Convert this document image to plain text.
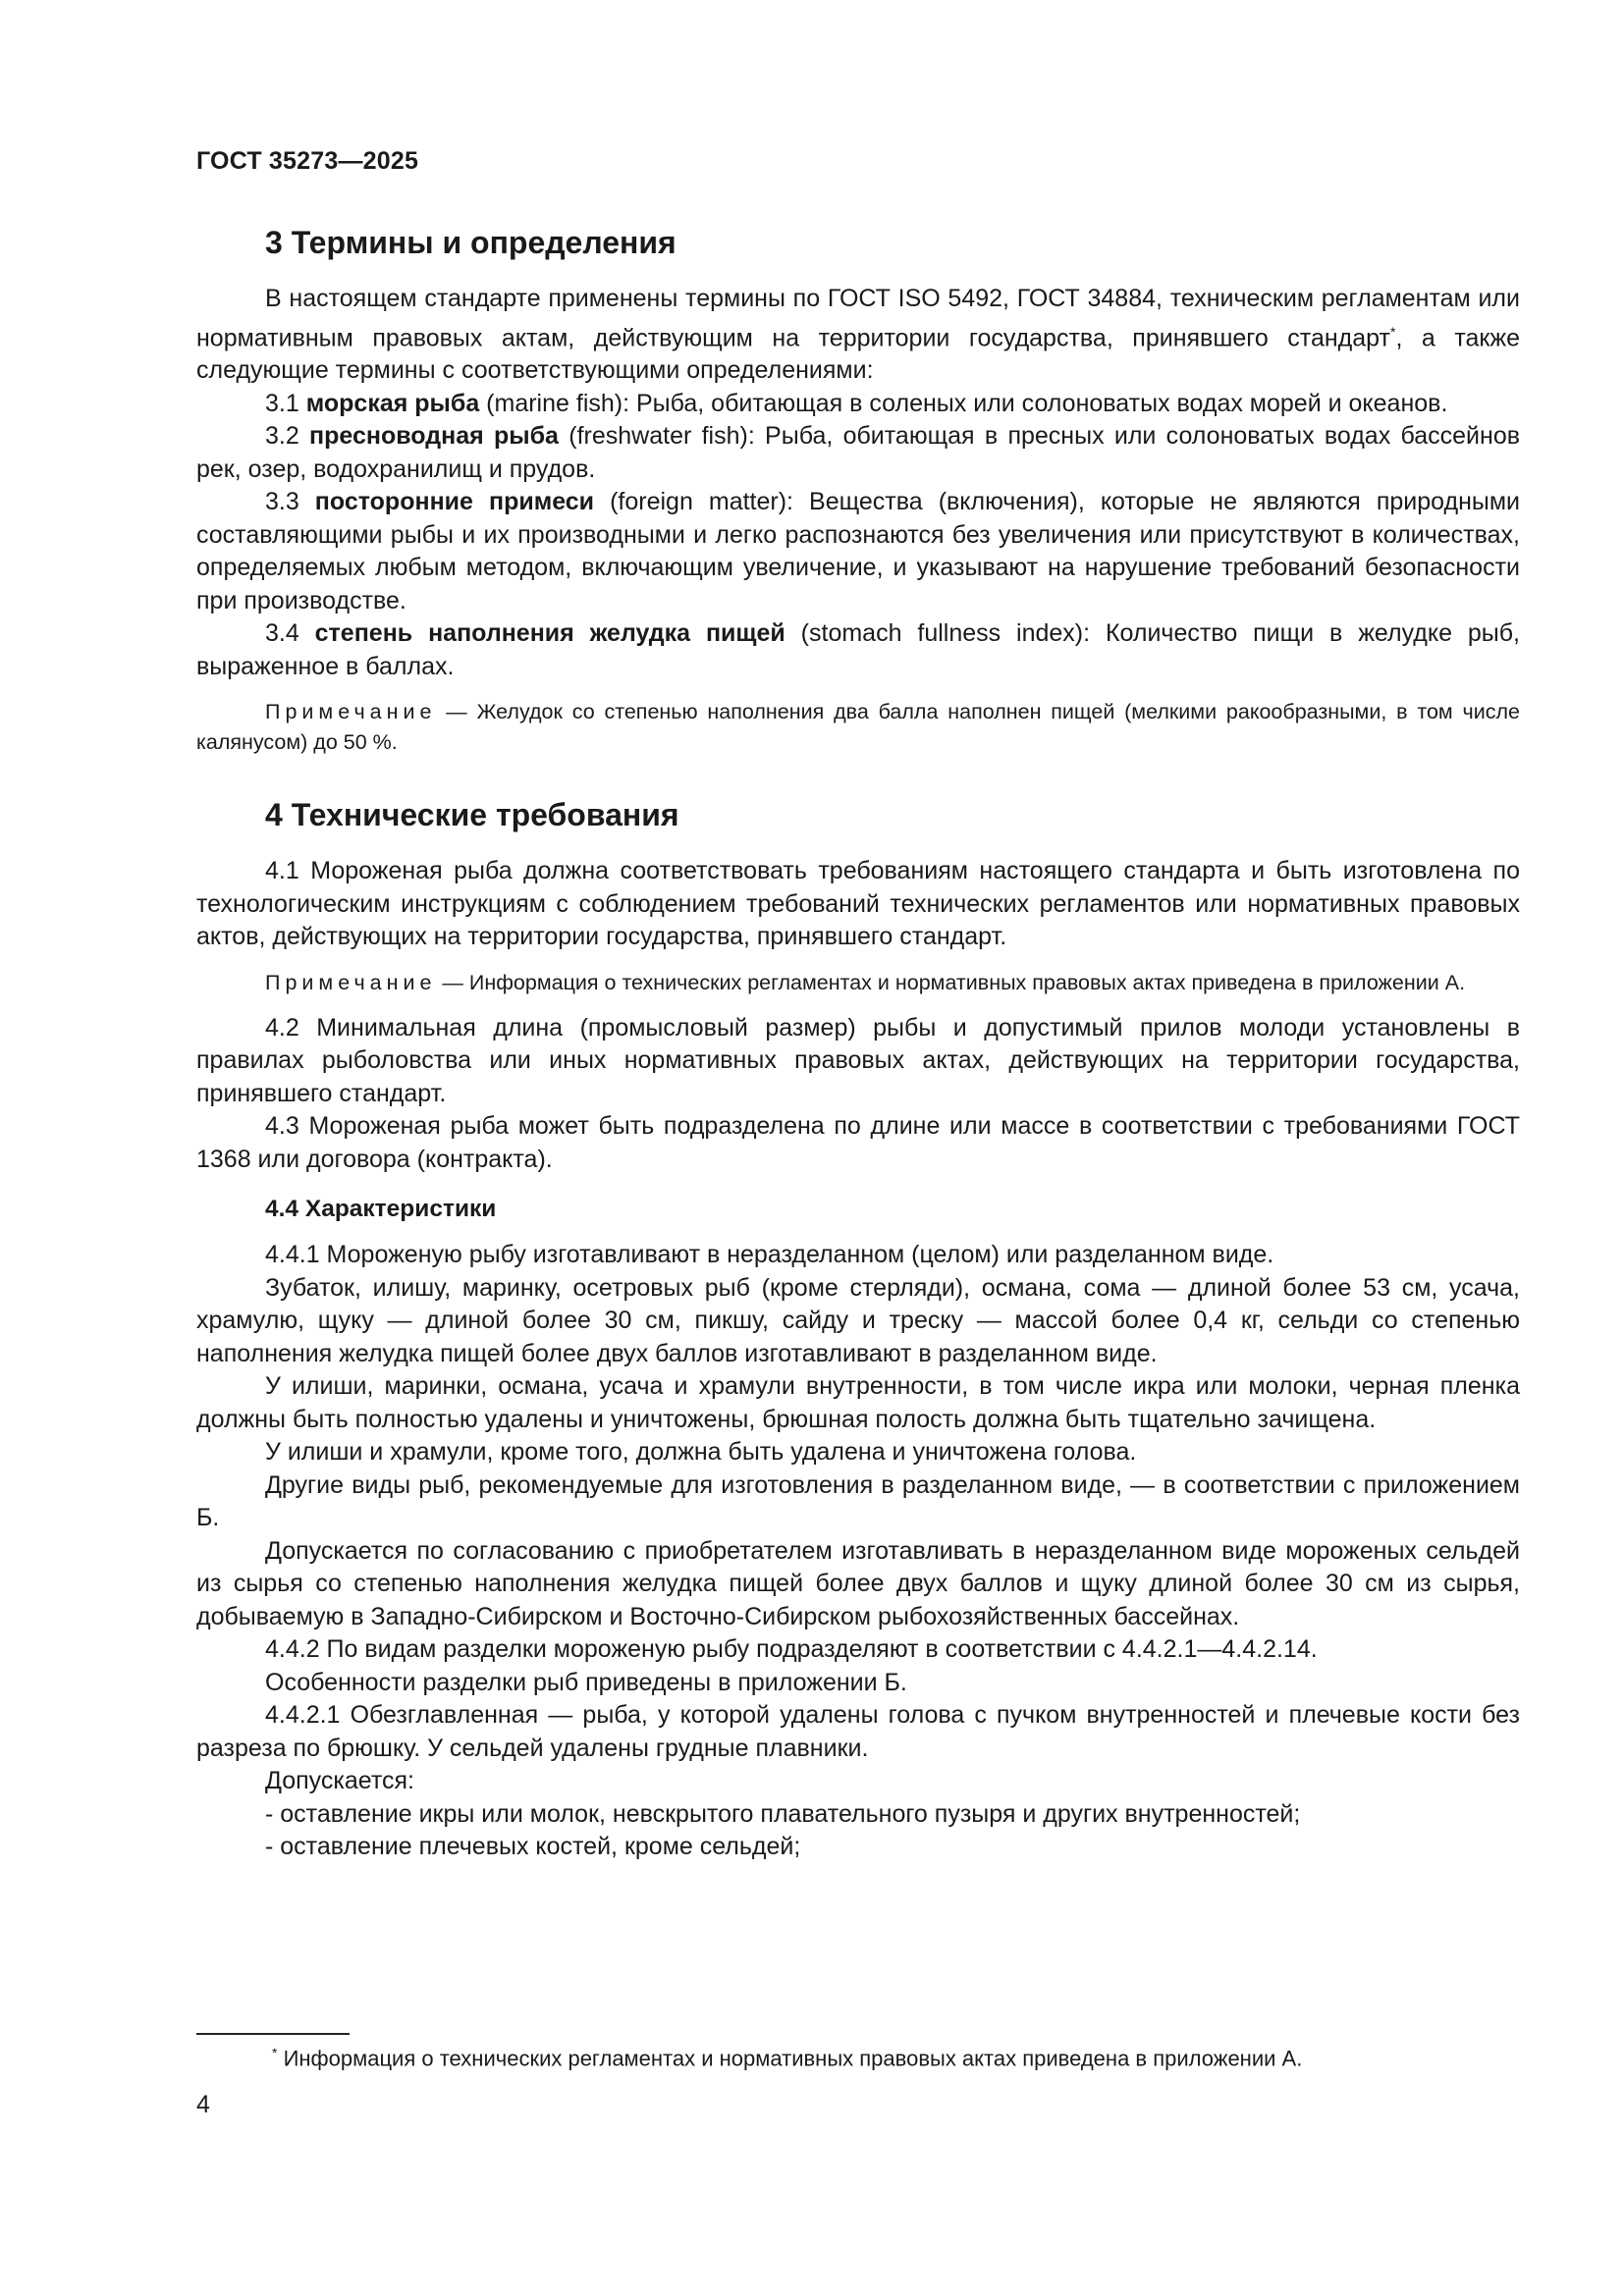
ГОСТ 35273—2025

3 Термины и определения

В настоящем стандарте применены термины по ГОСТ ISO 5492, ГОСТ 34884, техническим регламентам или нормативным правовых актам, действующим на территории государства, принявшего стандарт*, а также следующие термины с соответствующими определениями:

3.1 морская рыба (marine fish): Рыба, обитающая в соленых или солоноватых водах морей и океанов.

3.2 пресноводная рыба (freshwater fish): Рыба, обитающая в пресных или солоноватых водах бассейнов рек, озер, водохранилищ и прудов.

3.3 посторонние примеси (foreign matter): Вещества (включения), которые не являются природными составляющими рыбы и их производными и легко распознаются без увеличения или присутствуют в количествах, определяемых любым методом, включающим увеличение, и указывают на нарушение требований безопасности при производстве.

3.4 степень наполнения желудка пищей (stomach fullness index): Количество пищи в желудке рыб, выраженное в баллах.

Примечание — Желудок со степенью наполнения два балла наполнен пищей (мелкими ракообразными, в том числе калянусом) до 50 %.

4 Технические требования

4.1 Мороженая рыба должна соответствовать требованиям настоящего стандарта и быть изготовлена по технологическим инструкциям с соблюдением требований технических регламентов или нормативных правовых актов, действующих на территории государства, принявшего стандарт.

Примечание — Информация о технических регламентах и нормативных правовых актах приведена в приложении А.

4.2 Минимальная длина (промысловый размер) рыбы и допустимый прилов молоди установлены в правилах рыболовства или иных нормативных правовых актах, действующих на территории государства, принявшего стандарт.

4.3 Мороженая рыба может быть подразделена по длине или массе в соответствии с требованиями ГОСТ 1368 или договора (контракта).

4.4 Характеристики

4.4.1 Мороженую рыбу изготавливают в неразделанном (целом) или разделанном виде.

Зубаток, илишу, маринку, осетровых рыб (кроме стерляди), османа, сома — длиной более 53 см, усача, храмулю, щуку — длиной более 30 см, пикшу, сайду и треску — массой более 0,4 кг, сельди со степенью наполнения желудка пищей более двух баллов изготавливают в разделанном виде.

У илиши, маринки, османа, усача и храмули внутренности, в том числе икра или молоки, черная пленка должны быть полностью удалены и уничтожены, брюшная полость должна быть тщательно зачищена.

У илиши и храмули, кроме того, должна быть удалена и уничтожена голова.

Другие виды рыб, рекомендуемые для изготовления в разделанном виде, — в соответствии с приложением Б.

Допускается по согласованию с приобретателем изготавливать в неразделанном виде мороженых сельдей из сырья со степенью наполнения желудка пищей более двух баллов и щуку длиной более 30 см из сырья, добываемую в Западно-Сибирском и Восточно-Сибирском рыбохозяйственных бассейнах.

4.4.2 По видам разделки мороженую рыбу подразделяют в соответствии с 4.4.2.1—4.4.2.14.

Особенности разделки рыб приведены в приложении Б.

4.4.2.1 Обезглавленная — рыба, у которой удалены голова с пучком внутренностей и плечевые кости без разреза по брюшку. У сельдей удалены грудные плавники.

Допускается:

- оставление икры или молок, невскрытого плавательного пузыря и других внутренностей;

- оставление плечевых костей, кроме сельдей;

* Информация о технических регламентах и нормативных правовых актах приведена в приложении А.
4
